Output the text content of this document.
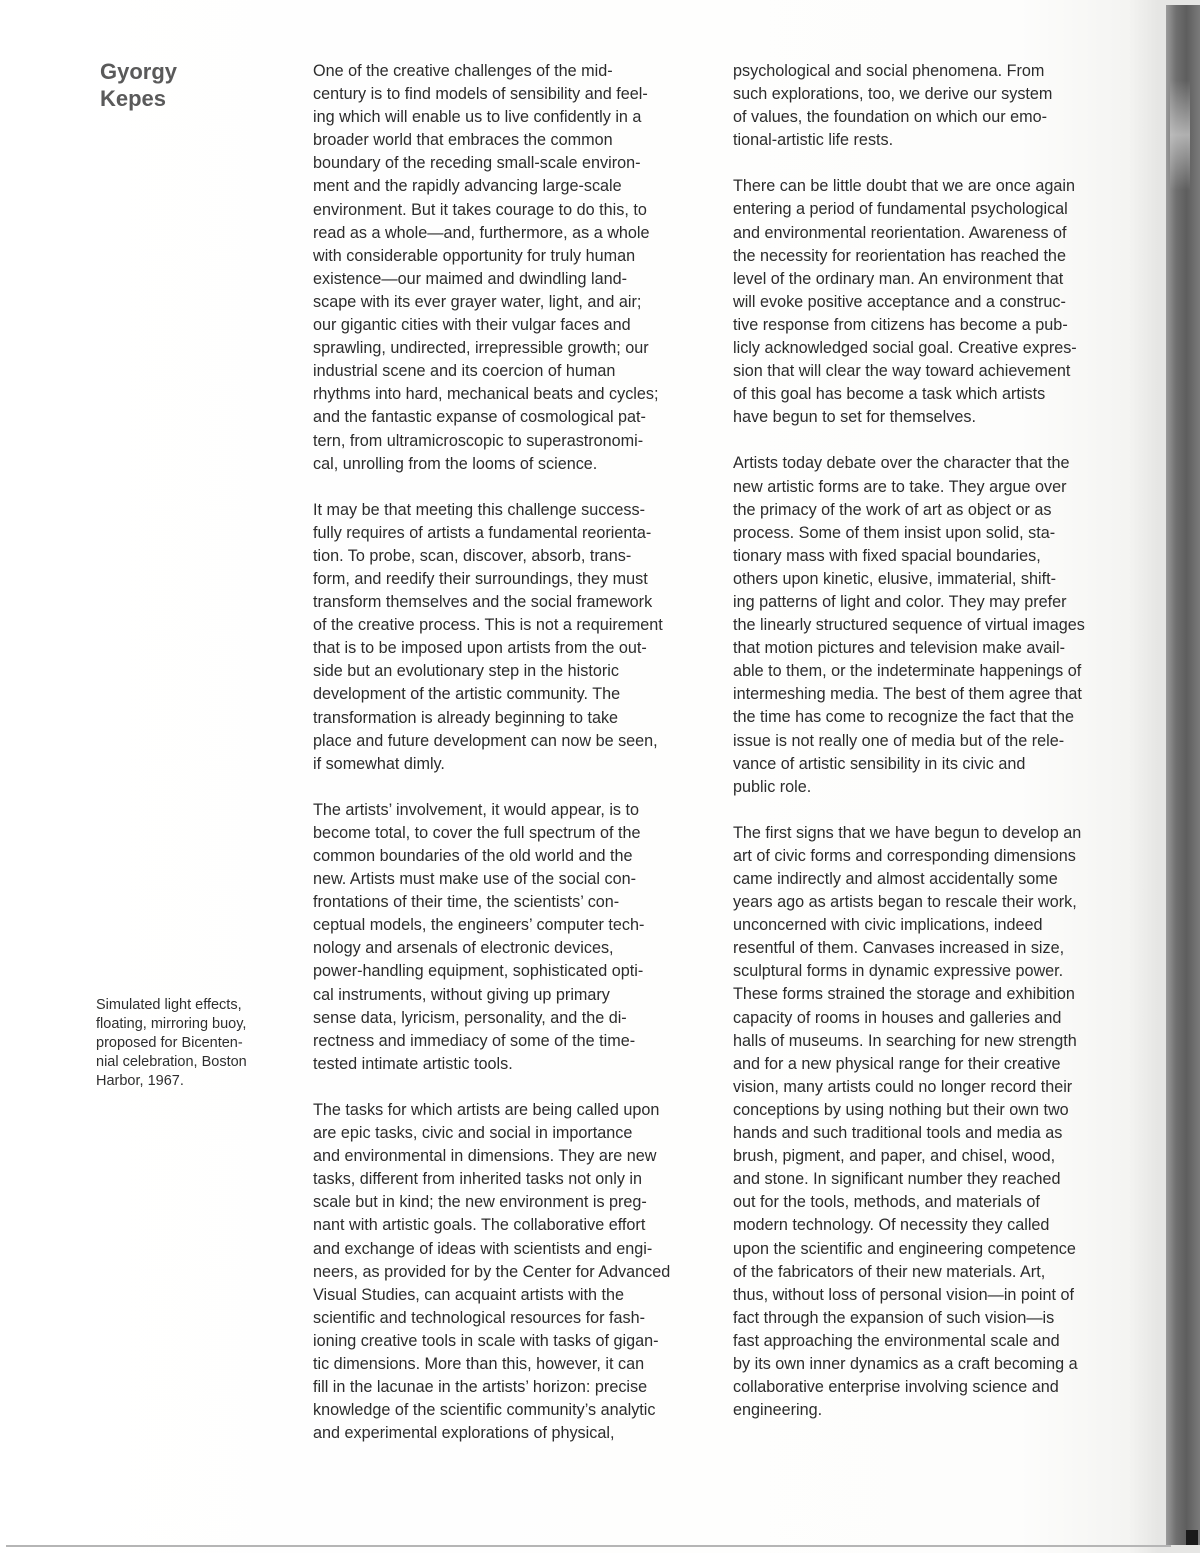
Gyorgy
Kepes

Simulated light effects,
floating, mirroring buoy,
proposed for Bicenten-
nial celebration, Boston
Harbor, 1967.

One of the creative challenges of the mid-
century is to find models of sensibility and feel-
ing which will enable us to live confidently in a
broader world that embraces the common
boundary of the receding small-scale environ-
ment and the rapidly advancing large-scale
environment. But it takes courage to do this, to
read as a whole—and, furthermore, as a whole
with considerable opportunity for truly human
existence—our maimed and dwindling land-
scape with its ever grayer water, light, and air;
our gigantic cities with their vulgar faces and
sprawling, undirected, irrepressible growth; our
industrial scene and its coercion of human
rhythms into hard, mechanical beats and cycles;
and the fantastic expanse of cosmological pat-
tern, from ultramicroscopic to superastronomi-
cal, unrolling from the looms of science.

It may be that meeting this challenge success-
fully requires of artists a fundamental reorienta-
tion. To probe, scan, discover, absorb, trans-
form, and reedify their surroundings, they must
transform themselves and the social framework
of the creative process. This is not a requirement
that is to be imposed upon artists from the out-
side but an evolutionary step in the historic
development of the artistic community. The
transformation is already beginning to take
place and future development can now be seen,
if somewhat dimly.

The artists’ involvement, it would appear, is to
become total, to cover the full spectrum of the
common boundaries of the old world and the
new. Artists must make use of the social con-
frontations of their time, the scientists’ con-
ceptual models, the engineers’ computer tech-
nology and arsenals of electronic devices,
power-handling equipment, sophisticated opti-
cal instruments, without giving up primary
sense data, lyricism, personality, and the di-
rectness and immediacy of some of the time-
tested intimate artistic tools.

The tasks for which artists are being called upon
are epic tasks, civic and social in importance
and environmental in dimensions. They are new
tasks, different from inherited tasks not only in
scale but in kind; the new environment is preg-
nant with artistic goals. The collaborative effort
and exchange of ideas with scientists and engi-
neers, as provided for by the Center for Advanced
Visual Studies, can acquaint artists with the
scientific and technological resources for fash-
ioning creative tools in scale with tasks of gigan-
tic dimensions. More than this, however, it can
fill in the lacunae in the artists’ horizon: precise
knowledge of the scientific community’s analytic
and experimental explorations of physical,

psychological and social phenomena. From
such explorations, too, we derive our system
of values, the foundation on which our emo-
tional-artistic life rests.

There can be little doubt that we are once again
entering a period of fundamental psychological
and environmental reorientation. Awareness of
the necessity for reorientation has reached the
level of the ordinary man. An environment that
will evoke positive acceptance and a construc-
tive response from citizens has become a pub-
licly acknowledged social goal. Creative expres-
sion that will clear the way toward achievement
of this goal has become a task which artists
have begun to set for themselves.

Artists today debate over the character that the
new artistic forms are to take. They argue over
the primacy of the work of art as object or as
process. Some of them insist upon solid, sta-
tionary mass with fixed spacial boundaries,
others upon kinetic, elusive, immaterial, shift-
ing patterns of light and color. They may prefer
the linearly structured sequence of virtual images
that motion pictures and television make avail-
able to them, or the indeterminate happenings of
intermeshing media. The best of them agree that
the time has come to recognize the fact that the
issue is not really one of media but of the rele-
vance of artistic sensibility in its civic and
public role.

The first signs that we have begun to develop an
art of civic forms and corresponding dimensions
came indirectly and almost accidentally some
years ago as artists began to rescale their work,
unconcerned with civic implications, indeed
resentful of them. Canvases increased in size,
sculptural forms in dynamic expressive power.
These forms strained the storage and exhibition
capacity of rooms in houses and galleries and
halls of museums. In searching for new strength
and for a new physical range for their creative
vision, many artists could no longer record their
conceptions by using nothing but their own two
hands and such traditional tools and media as
brush, pigment, and paper, and chisel, wood,
and stone. In significant number they reached
out for the tools, methods, and materials of
modern technology. Of necessity they called
upon the scientific and engineering competence
of the fabricators of their new materials. Art,
thus, without loss of personal vision—in point of
fact through the expansion of such vision—is
fast approaching the environmental scale and
by its own inner dynamics as a craft becoming a
collaborative enterprise involving science and
engineering.
